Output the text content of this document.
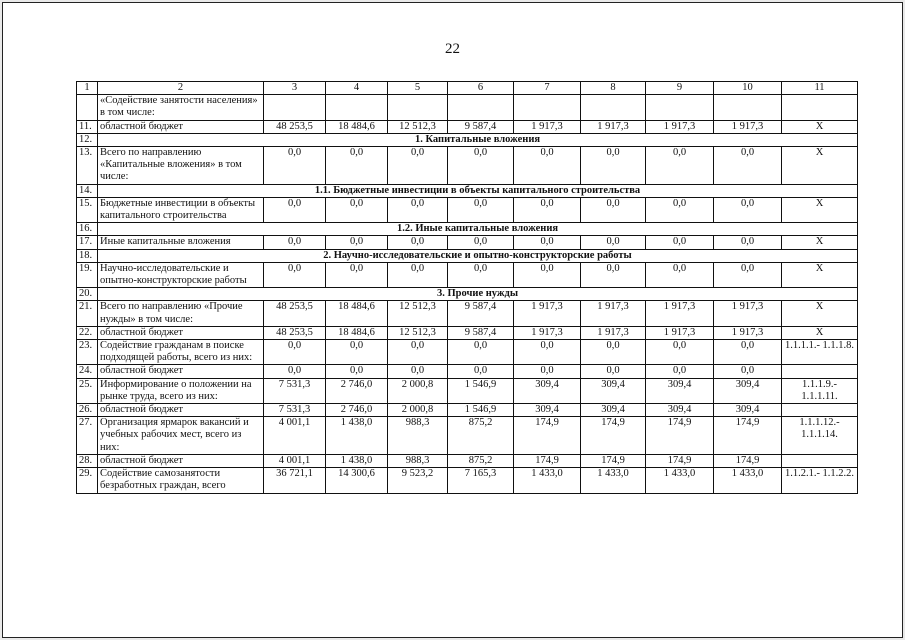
22
1	2	3	4	5	6	7	8	9	10	11
	«Содействие занятости населения» в том числе:									
11.	областной бюджет	48 253,5	18 484,6	12 512,3	9 587,4	1 917,3	1 917,3	1 917,3	1 917,3	X
12.	1. Капитальные вложения									
13.	Всего по направлению «Капитальные вложения» в том числе:	0,0	0,0	0,0	0,0	0,0	0,0	0,0	0,0	X
14.	1.1. Бюджетные инвестиции в объекты капитального строительства									
15.	Бюджетные инвестиции в объекты капитального строительства	0,0	0,0	0,0	0,0	0,0	0,0	0,0	0,0	X
16.	1.2. Иные капитальные вложения									
17.	Иные капитальные вложения	0,0	0,0	0,0	0,0	0,0	0,0	0,0	0,0	X
18.	2. Научно-исследовательские и опытно-конструкторские работы									
19.	Научно-исследовательские и опытно-конструкторские работы	0,0	0,0	0,0	0,0	0,0	0,0	0,0	0,0	X
20.	3. Прочие нужды									
21.	Всего по направлению «Прочие нужды» в том числе:	48 253,5	18 484,6	12 512,3	9 587,4	1 917,3	1 917,3	1 917,3	1 917,3	X
22.	областной бюджет	48 253,5	18 484,6	12 512,3	9 587,4	1 917,3	1 917,3	1 917,3	1 917,3	X
23.	Содействие гражданам в поиске подходящей работы, всего из них:	0,0	0,0	0,0	0,0	0,0	0,0	0,0	0,0	1.1.1.1.- 1.1.1.8.
24.	областной бюджет	0,0	0,0	0,0	0,0	0,0	0,0	0,0	0,0	
25.	Информирование о положении на рынке труда, всего из них:	7 531,3	2 746,0	2 000,8	1 546,9	309,4	309,4	309,4	309,4	1.1.1.9.- 1.1.1.11.
26.	областной бюджет	7 531,3	2 746,0	2 000,8	1 546,9	309,4	309,4	309,4	309,4	
27.	Организация ярмарок вакансий и учебных рабочих мест, всего из них:	4 001,1	1 438,0	988,3	875,2	174,9	174,9	174,9	174,9	1.1.1.12.- 1.1.1.14.
28.	областной бюджет	4 001,1	1 438,0	988,3	875,2	174,9	174,9	174,9	174,9	
29.	Содействие самозанятости безработных граждан, всего	36 721,1	14 300,6	9 523,2	7 165,3	1 433,0	1 433,0	1 433,0	1 433,0	1.1.2.1.- 1.1.2.2.
